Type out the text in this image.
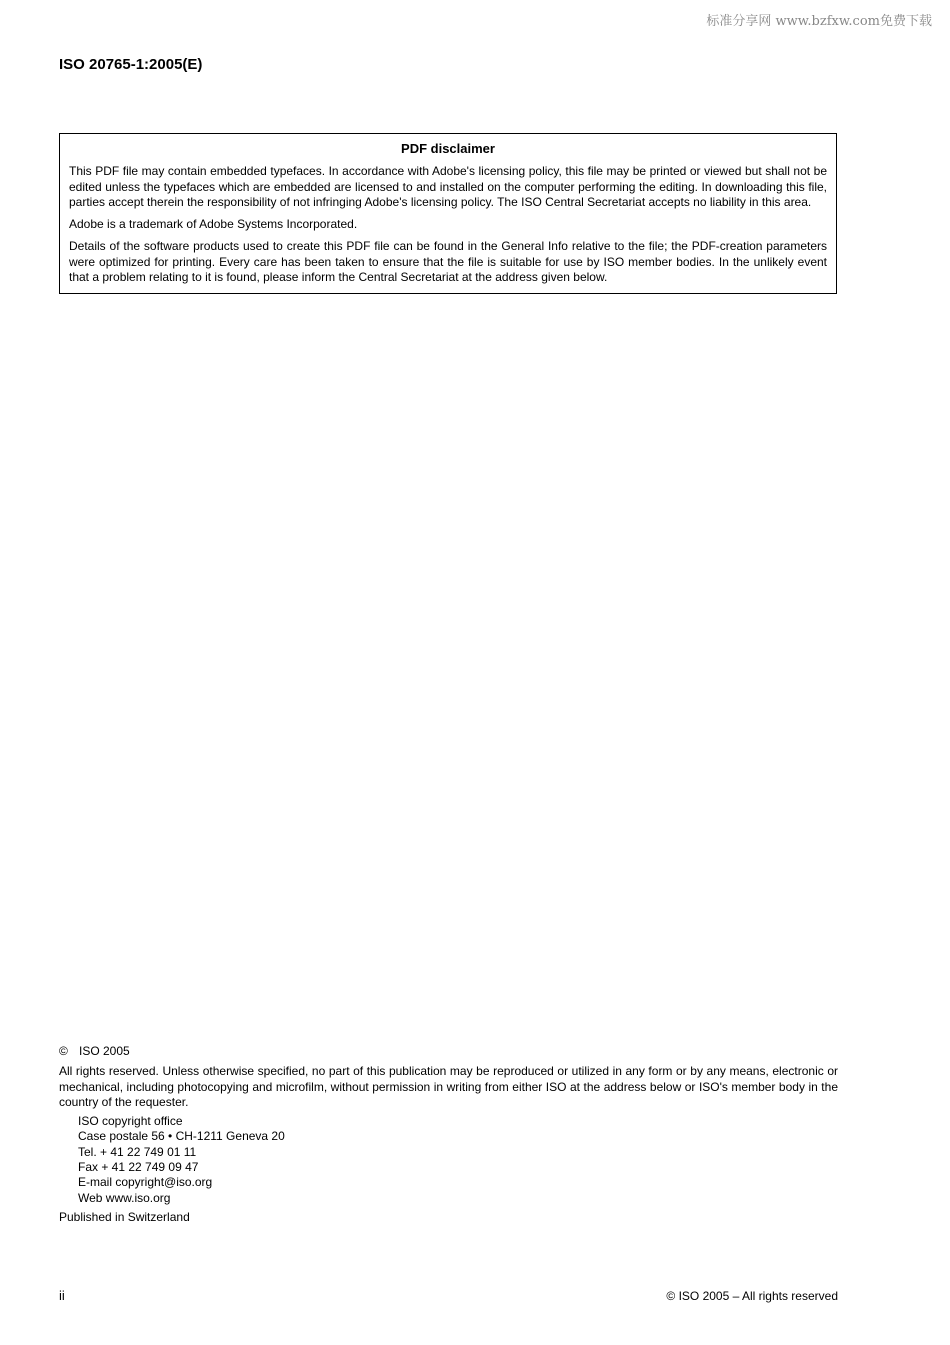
标准分享网 www.bzfxw.com免费下载
ISO 20765-1:2005(E)
PDF disclaimer

This PDF file may contain embedded typefaces. In accordance with Adobe's licensing policy, this file may be printed or viewed but shall not be edited unless the typefaces which are embedded are licensed to and installed on the computer performing the editing. In downloading this file, parties accept therein the responsibility of not infringing Adobe's licensing policy. The ISO Central Secretariat accepts no liability in this area.

Adobe is a trademark of Adobe Systems Incorporated.

Details of the software products used to create this PDF file can be found in the General Info relative to the file; the PDF-creation parameters were optimized for printing. Every care has been taken to ensure that the file is suitable for use by ISO member bodies. In the unlikely event that a problem relating to it is found, please inform the Central Secretariat at the address given below.

© ISO 2005
All rights reserved. Unless otherwise specified, no part of this publication may be reproduced or utilized in any form or by any means, electronic or mechanical, including photocopying and microfilm, without permission in writing from either ISO at the address below or ISO's member body in the country of the requester.
ISO copyright office
Case postale 56 • CH-1211 Geneva 20
Tel. + 41 22 749 01 11
Fax + 41 22 749 09 47
E-mail copyright@iso.org
Web www.iso.org
Published in Switzerland
ii	© ISO 2005 – All rights reserved
